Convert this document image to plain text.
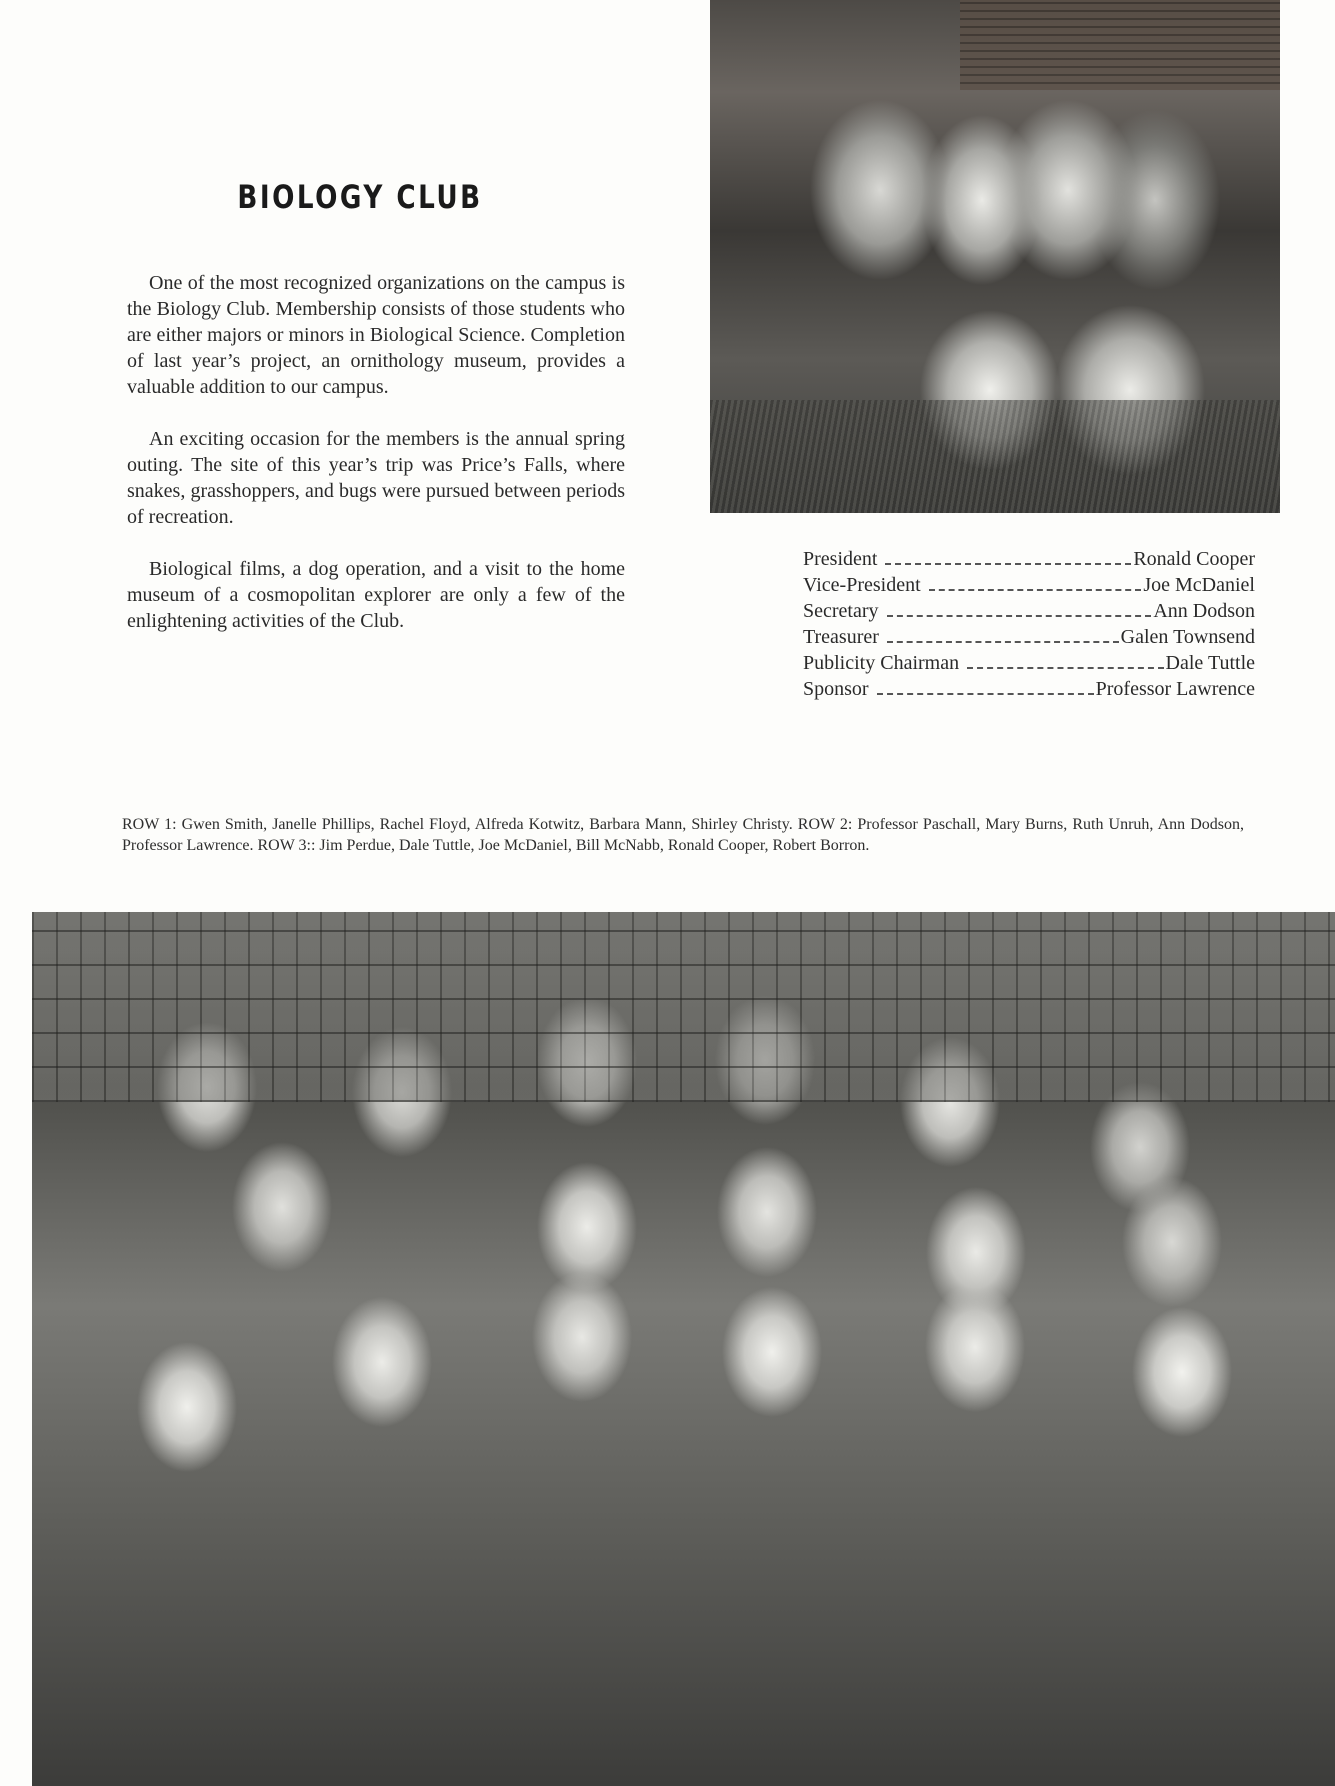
BIOLOGY CLUB

One of the most recognized organizations on the campus is the Biology Club. Membership consists of those students who are either majors or minors in Biological Science. Completion of last year’s project, an ornithology museum, provides a valuable addition to our campus.

An exciting occasion for the members is the annual spring outing. The site of this year’s trip was Price’s Falls, where snakes, grasshoppers, and bugs were pursued between periods of recreation.

Biological films, a dog operation, and a visit to the home museum of a cosmopolitan explorer are only a few of the enlightening activities of the Club.

President	Ronald Cooper
Vice-President	Joe McDaniel
Secretary	Ann Dodson
Treasurer	Galen Townsend
Publicity Chairman	Dale Tuttle
Sponsor	Professor Lawrence
ROW 1: Gwen Smith, Janelle Phillips, Rachel Floyd, Alfreda Kotwitz, Barbara Mann, Shirley Christy. ROW 2: Professor Paschall, Mary Burns, Ruth Unruh, Ann Dodson, Professor Lawrence. ROW 3:: Jim Perdue, Dale Tuttle, Joe McDaniel, Bill McNabb, Ronald Cooper, Robert Borron.
